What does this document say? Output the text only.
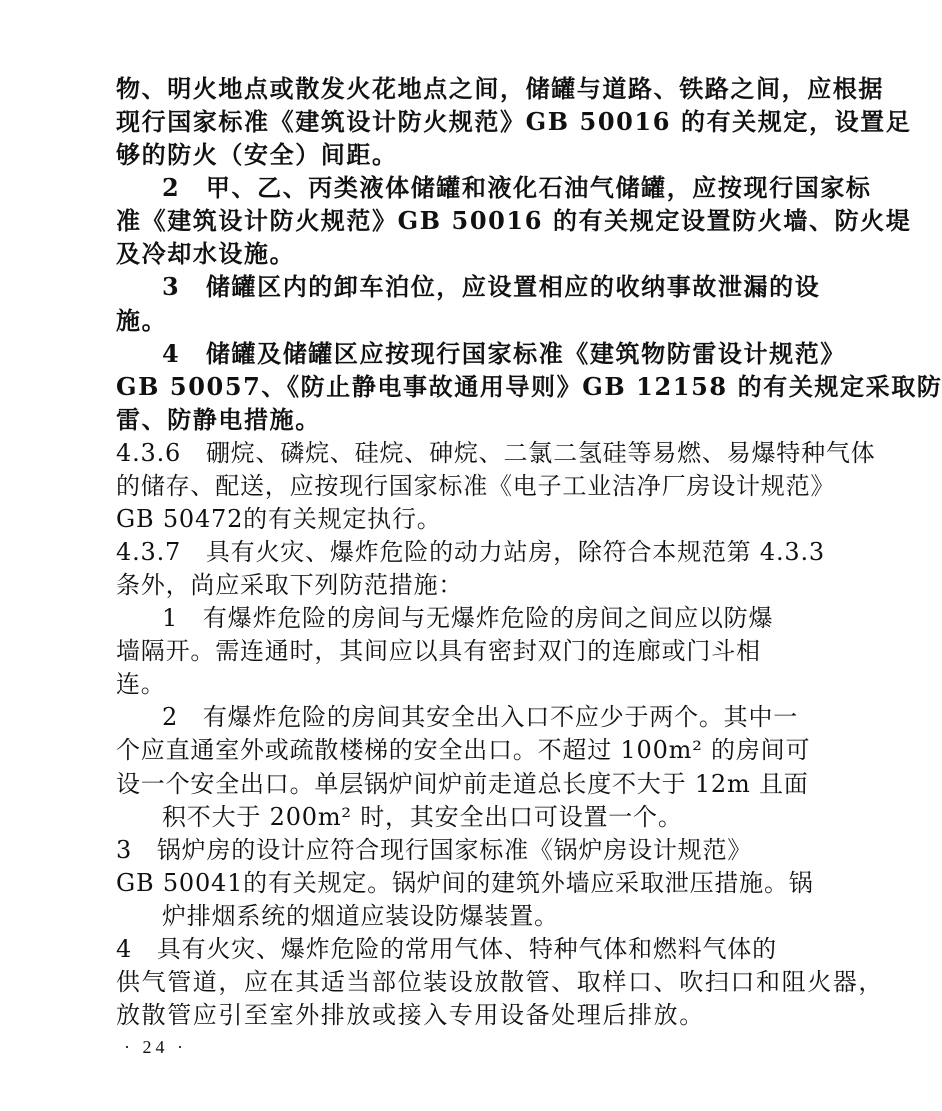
物、明火地点或散发火花地点之间，储罐与道路、铁路之间，应根据
现行国家标准《建筑设计防火规范》GB 50016 的有关规定，设置足
够的防火（安全）间距。
2　甲、乙、丙类液体储罐和液化石油气储罐，应按现行国家标
准《建筑设计防火规范》GB 50016 的有关规定设置防火墙、防火堤
及冷却水设施。
3　储罐区内的卸车泊位，应设置相应的收纳事故泄漏的设
施。
4　储罐及储罐区应按现行国家标准《建筑物防雷设计规范》
GB 50057、《防止静电事故通用导则》GB 12158 的有关规定采取防
雷、防静电措施。
4.3.6　硼烷、磷烷、硅烷、砷烷、二氯二氢硅等易燃、易爆特种气体
的储存、配送，应按现行国家标准《电子工业洁净厂房设计规范》
GB 50472的有关规定执行。
4.3.7　具有火灾、爆炸危险的动力站房，除符合本规范第 4.3.3
条外，尚应采取下列防范措施：
1　有爆炸危险的房间与无爆炸危险的房间之间应以防爆
墙隔开。需连通时，其间应以具有密封双门的连廊或门斗相
连。
2　有爆炸危险的房间其安全出入口不应少于两个。其中一
个应直通室外或疏散楼梯的安全出口。不超过 100m² 的房间可
设一个安全出口。单层锅炉间炉前走道总长度不大于 12m 且面
积不大于 200m² 时，其安全出口可设置一个。
3　锅炉房的设计应符合现行国家标准《锅炉房设计规范》
GB 50041的有关规定。锅炉间的建筑外墙应采取泄压措施。锅
炉排烟系统的烟道应装设防爆装置。
4　具有火灾、爆炸危险的常用气体、特种气体和燃料气体的
供气管道，应在其适当部位装设放散管、取样口、吹扫口和阻火器，
放散管应引至室外排放或接入专用设备处理后排放。
· 24 ·
